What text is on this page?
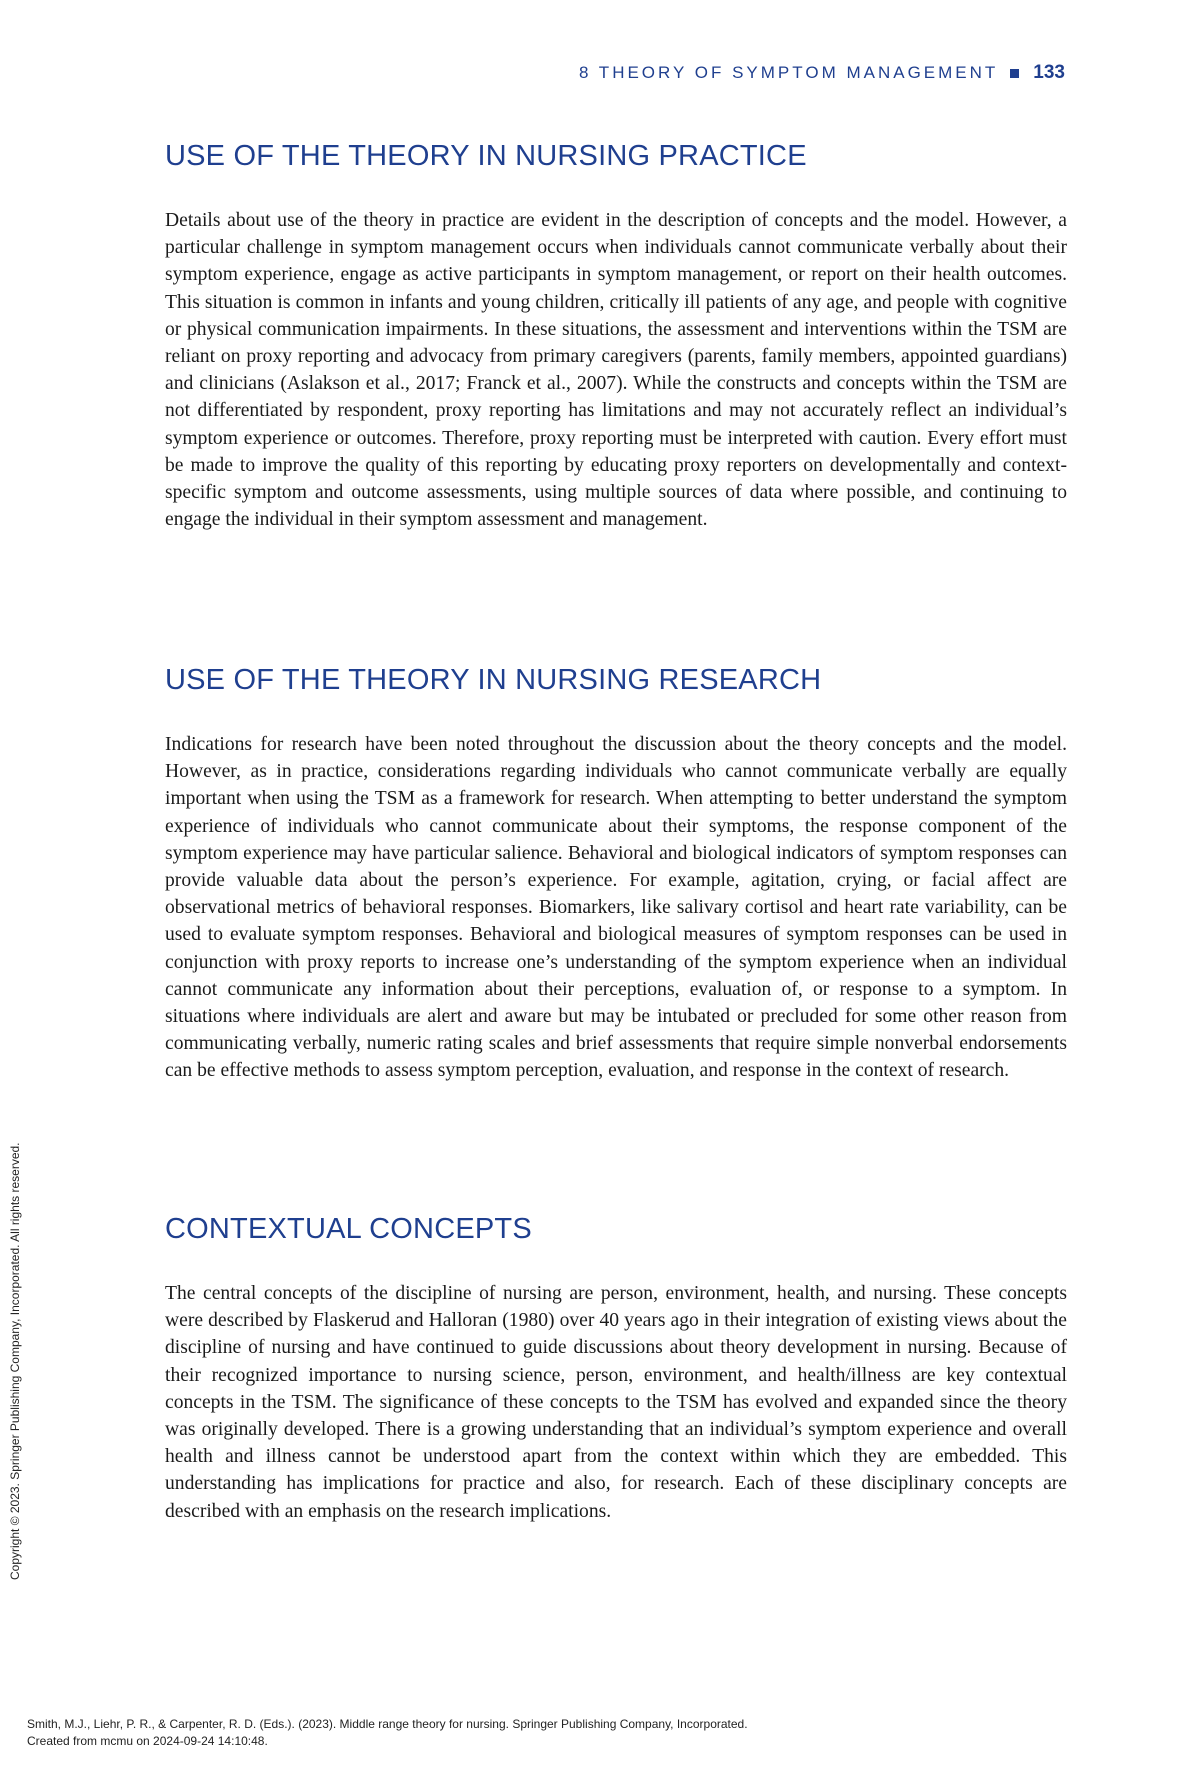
8 THEORY OF SYMPTOM MANAGEMENT 133
USE OF THE THEORY IN NURSING PRACTICE

Details about use of the theory in practice are evident in the description of concepts and the model. However, a particular challenge in symptom management occurs when individuals cannot communicate verbally about their symptom experience, engage as active participants in symptom management, or report on their health outcomes. This situation is common in infants and young children, critically ill patients of any age, and people with cognitive or physical communication impairments. In these situations, the assessment and interventions within the TSM are reliant on proxy reporting and advocacy from primary caregivers (parents, family members, appointed guardians) and clinicians (Aslakson et al., 2017; Franck et al., 2007). While the constructs and concepts within the TSM are not differentiated by respondent, proxy reporting has limitations and may not accurately reflect an individual’s symptom experience or outcomes. Therefore, proxy reporting must be interpreted with caution. Every effort must be made to improve the quality of this reporting by educating proxy reporters on developmentally and context-specific symptom and outcome assessments, using multiple sources of data where possible, and continuing to engage the individual in their symptom assessment and management.

USE OF THE THEORY IN NURSING RESEARCH

Indications for research have been noted throughout the discussion about the theory concepts and the model. However, as in practice, considerations regarding individuals who cannot communicate verbally are equally important when using the TSM as a framework for research. When attempting to better understand the symptom experience of individuals who cannot communicate about their symptoms, the response component of the symptom experience may have particular salience. Behavioral and biological indicators of symptom responses can provide valuable data about the person’s experience. For example, agitation, crying, or facial affect are observational metrics of behavioral responses. Biomarkers, like salivary cortisol and heart rate variability, can be used to evaluate symptom responses. Behavioral and biological measures of symptom responses can be used in conjunction with proxy reports to increase one’s understanding of the symptom experience when an individual cannot communicate any information about their perceptions, evaluation of, or response to a symptom. In situations where individuals are alert and aware but may be intubated or precluded for some other reason from communicating verbally, numeric rating scales and brief assessments that require simple nonverbal endorsements can be effective methods to assess symptom perception, evaluation, and response in the context of research.

CONTEXTUAL CONCEPTS

The central concepts of the discipline of nursing are person, environment, health, and nursing. These concepts were described by Flaskerud and Halloran (1980) over 40 years ago in their integration of existing views about the discipline of nursing and have continued to guide discussions about theory development in nursing. Because of their recognized importance to nursing science, person, environment, and health/illness are key contextual concepts in the TSM. The significance of these concepts to the TSM has evolved and expanded since the theory was originally developed. There is a growing understanding that an individual’s symptom experience and overall health and illness cannot be understood apart from the context within which they are embedded. This understanding has implications for practice and also, for research. Each of these disciplinary concepts are described with an emphasis on the research implications.

Copyright © 2023. Springer Publishing Company, Incorporated. All rights reserved.
Smith, M.J., Liehr, P. R., & Carpenter, R. D. (Eds.). (2023). Middle range theory for nursing. Springer Publishing Company, Incorporated.
Created from mcmu on 2024-09-24 14:10:48.
